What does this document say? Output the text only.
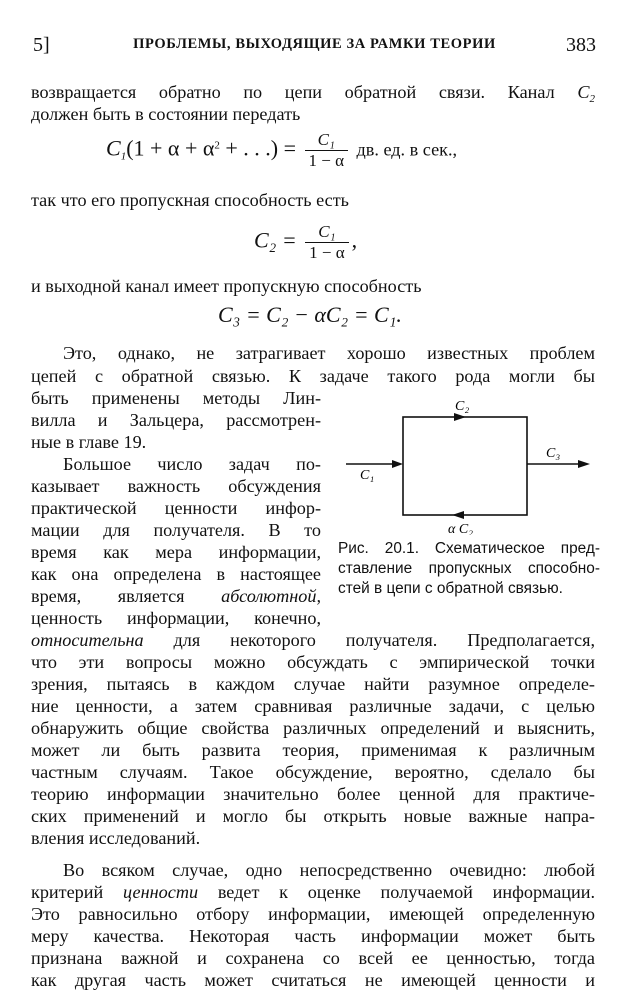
5]	ПРОБЛЕМЫ, ВЫХОДЯЩИЕ ЗА РАМКИ ТЕОРИИ	383
возвращается обратно по цепи обратной связи. Канал $C_2$
должен быть в состоянии передать
$C_1(1 + \alpha + \alpha^2$ + . . .) = $\frac{\text{C₁}}{1 - \alpha}$ дв. ед. в сек.,
так что его пропускная способность есть
$C_2 = \frac{\text{C₁}}{1 - \alpha}$ ,
и выходной канал имеет пропускную способность
C₃ = C₂ − αC₂ = C₁.
Это, однако, не затрагивает хорошо известных проблем
цепей с обратной связью. К задаче такого рода могли бы
быть применены методы Лин-
вилла и Зальцера, рассмотрен-
ные в главе 19.
Большое число задач по-
казывает важность обсуждения
практической ценности инфор-
мации для получателя. В то
время как мера информации,
как она определена в настоящее
время, является абсолютной,
ценность информации, конечно,
относительна для некоторого получателя. Предполагается,
что эти вопросы можно обсуждать с эмпирической точки
зрения, пытаясь в каждом случае найти разумное определе-
ние ценности, а затем сравнивая различные задачи, с целью
обнаружить общие свойства различных определений и выяснить,
может ли быть развита теория, применимая к различным
частным случаям. Такое обсуждение, вероятно, сделало бы
теорию информации значительно более ценной для практиче-
ских применений и могло бы открыть новые важные напра-
вления исследований.
Во всяком случае, одно непосредственно очевидно: любой
критерий ценности ведет к оценке получаемой информации.
Это равносильно отбору информации, имеющей определенную
меру качества. Некоторая часть информации может быть
признана важной и сохранена со всей ее ценностью, тогда
как другая часть может считаться не имеющей ценности и
C₂
C₁
C₃
α C₂
Рис. 20.1. Схематическое пред-
ставление пропускных способно-
стей в цепи с обратной связью.
